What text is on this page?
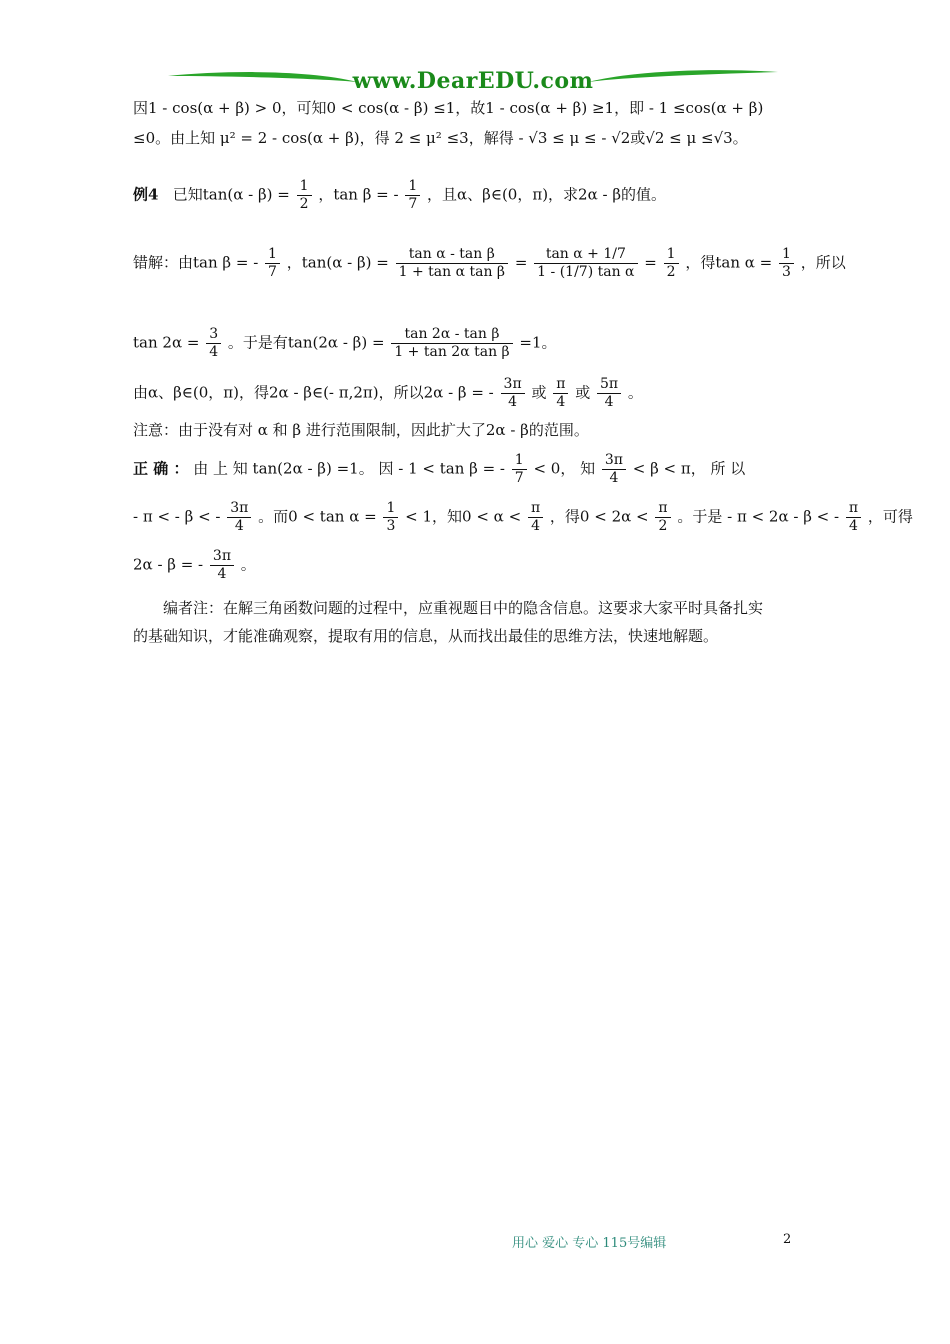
www.DearEDU.com
因1 - cos(α + β) > 0，可知0 < cos(α - β) ≤1，故1 - cos(α + β) ≥1，即 - 1 ≤cos(α + β)
≤0。由上知 μ² = 2 - cos(α + β)，得 2 ≤ μ² ≤3，解得 - √3 ≤ μ ≤ - √2或√2 ≤ μ ≤√3。
例4 已知$\tan(\alpha - \beta) = \frac{1}{2}$ ，tan β = - $\frac{1}{7}$ ，且α、β∈(0，π)，求2α - β的值。
错解：由tan β = - $\frac{1}{7}$ ，$\tan(\alpha - \beta) = \frac{\text{tan α - tan β}}{\text{1 + tan α tan β}} = \frac{\text{tan α + 1/7}}{\text{1 - (1/7) tan α}} = \frac{1}{2}$ ，得$\tan \alpha = \frac{1}{3}$ ，所以
$\tan 2\alpha = \frac{3}{4}$ 。于是有$\tan(2\alpha - \beta) = \frac{\text{tan 2α - tan β}}{\text{1 + tan 2α tan β}} =1$。
由α、β∈(0，π)，得2α - β∈(- π,2π)，所以2α - β = - $\frac{3\pi}{4}$ 或 $\frac{\pi}{4}$ 或 $\frac{5\pi}{4}$ 。
注意：由于没有对 α 和 β 进行范围限制，因此扩大了2α - β的范围。
正 确 ： 由 上 知 tan(2α - β) =1。 因 - 1 < tan β = - $\frac{1}{7} < 0$， 知 $\frac{3\pi}{4} < \beta < \pi$， 所 以
- π < - β < - $\frac{3\pi}{4}$ 。而$0 < \tan \alpha = \frac{1}{3} < 1$，知$0 < \alpha < \frac{\pi}{4}$ ，得$0 < 2\alpha < \frac{\pi}{2}$ 。于是 - π < 2α - β < - $\frac{\pi}{4}$ ，可得
2α - β = - $\frac{3\pi}{4}$ 。
编者注：在解三角函数问题的过程中，应重视题目中的隐含信息。这要求大家平时具备扎实
的基础知识，才能准确观察，提取有用的信息，从而找出最佳的思维方法，快速地解题。
用心 爱心 专心 115号编辑	2
